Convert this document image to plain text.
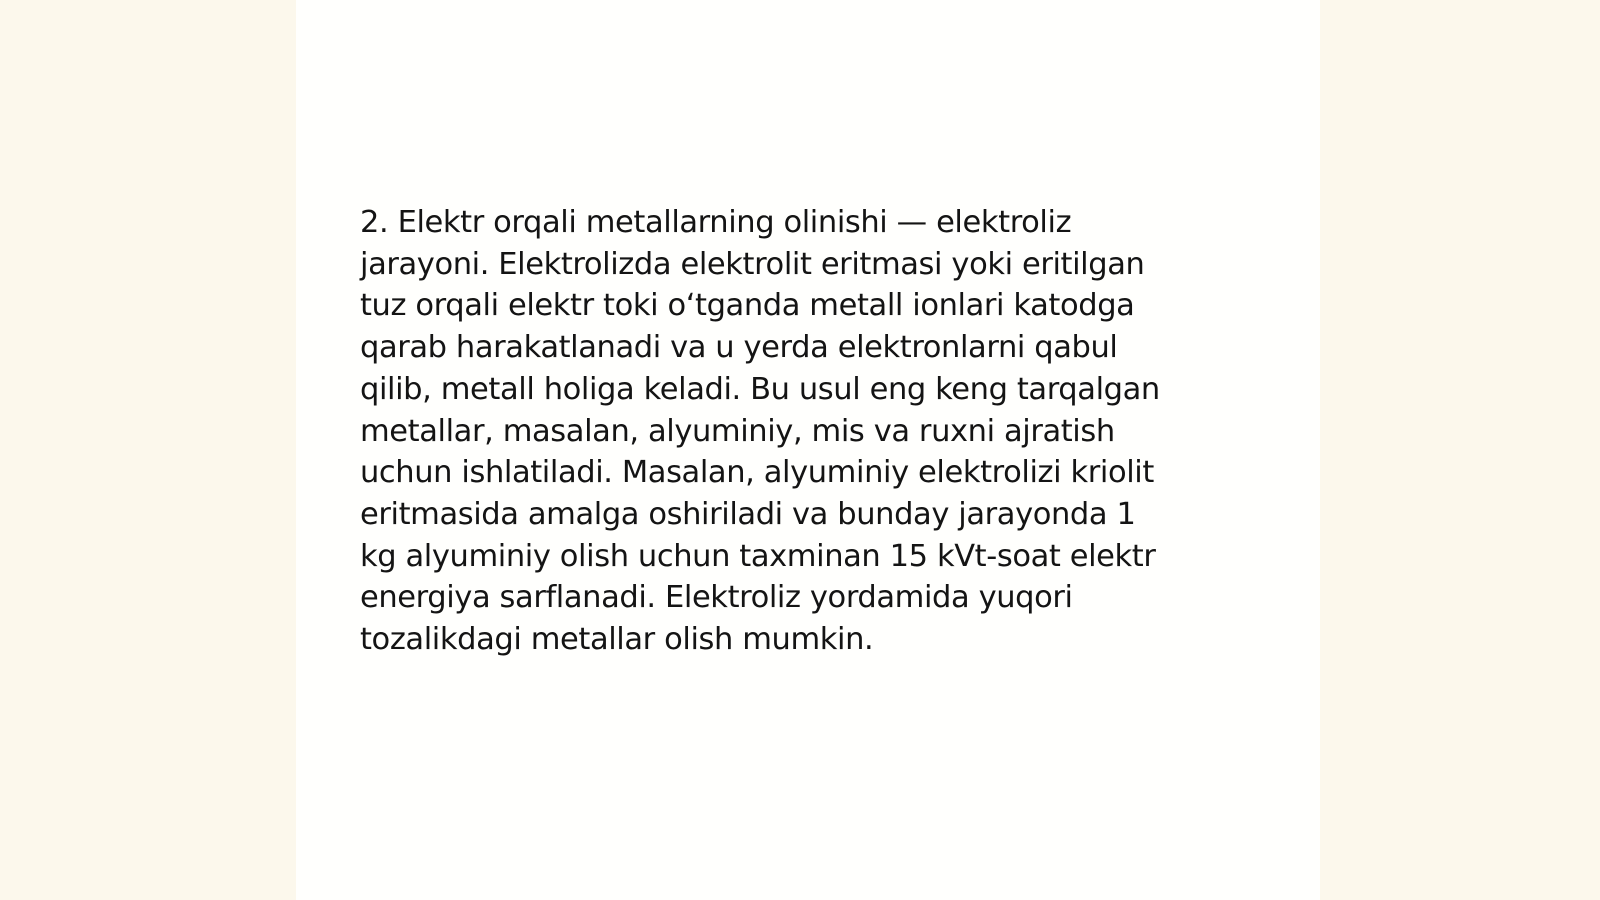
2. Elektr orqali metallarning olinishi — elektroliz
jarayoni. Elektrolizda elektrolit eritmasi yoki eritilgan
tuz orqali elektr toki o‘tganda metall ionlari katodga
qarab harakatlanadi va u yerda elektronlarni qabul
qilib, metall holiga keladi. Bu usul eng keng tarqalgan
metallar, masalan, alyuminiy, mis va ruxni ajratish
uchun ishlatiladi. Masalan, alyuminiy elektrolizi kriolit
eritmasida amalga oshiriladi va bunday jarayonda 1
kg alyuminiy olish uchun taxminan 15 kVt-soat elektr
energiya sarflanadi. Elektroliz yordamida yuqori
tozalikdagi metallar olish mumkin.
